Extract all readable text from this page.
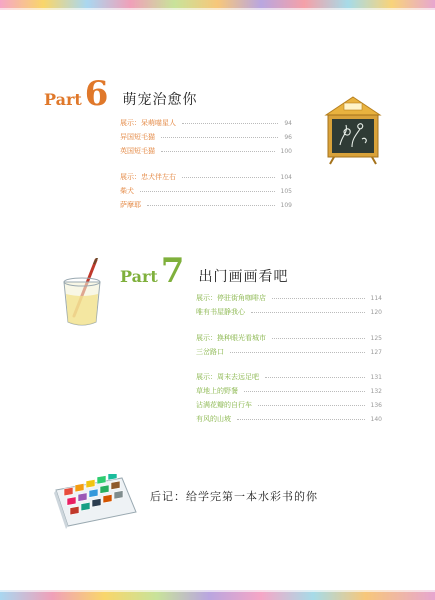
Part 6 萌宠治愈你
展示：呆萌喵星人	94
异国短毛猫	96
英国短毛猫	100
展示：忠犬伴左右	104
柴犬	105
萨摩耶	109
Part 7 出门画画看吧
展示：停驻街角咖啡店	114
唯有书屋静我心	120
展示：换种眼光看城市	125
三岔路口	127
展示：周末去远足吧	131
草地上的野餐	132
沾满花瓣的自行车	136
有风的山坡	140
后记：给学完第一本水彩书的你
